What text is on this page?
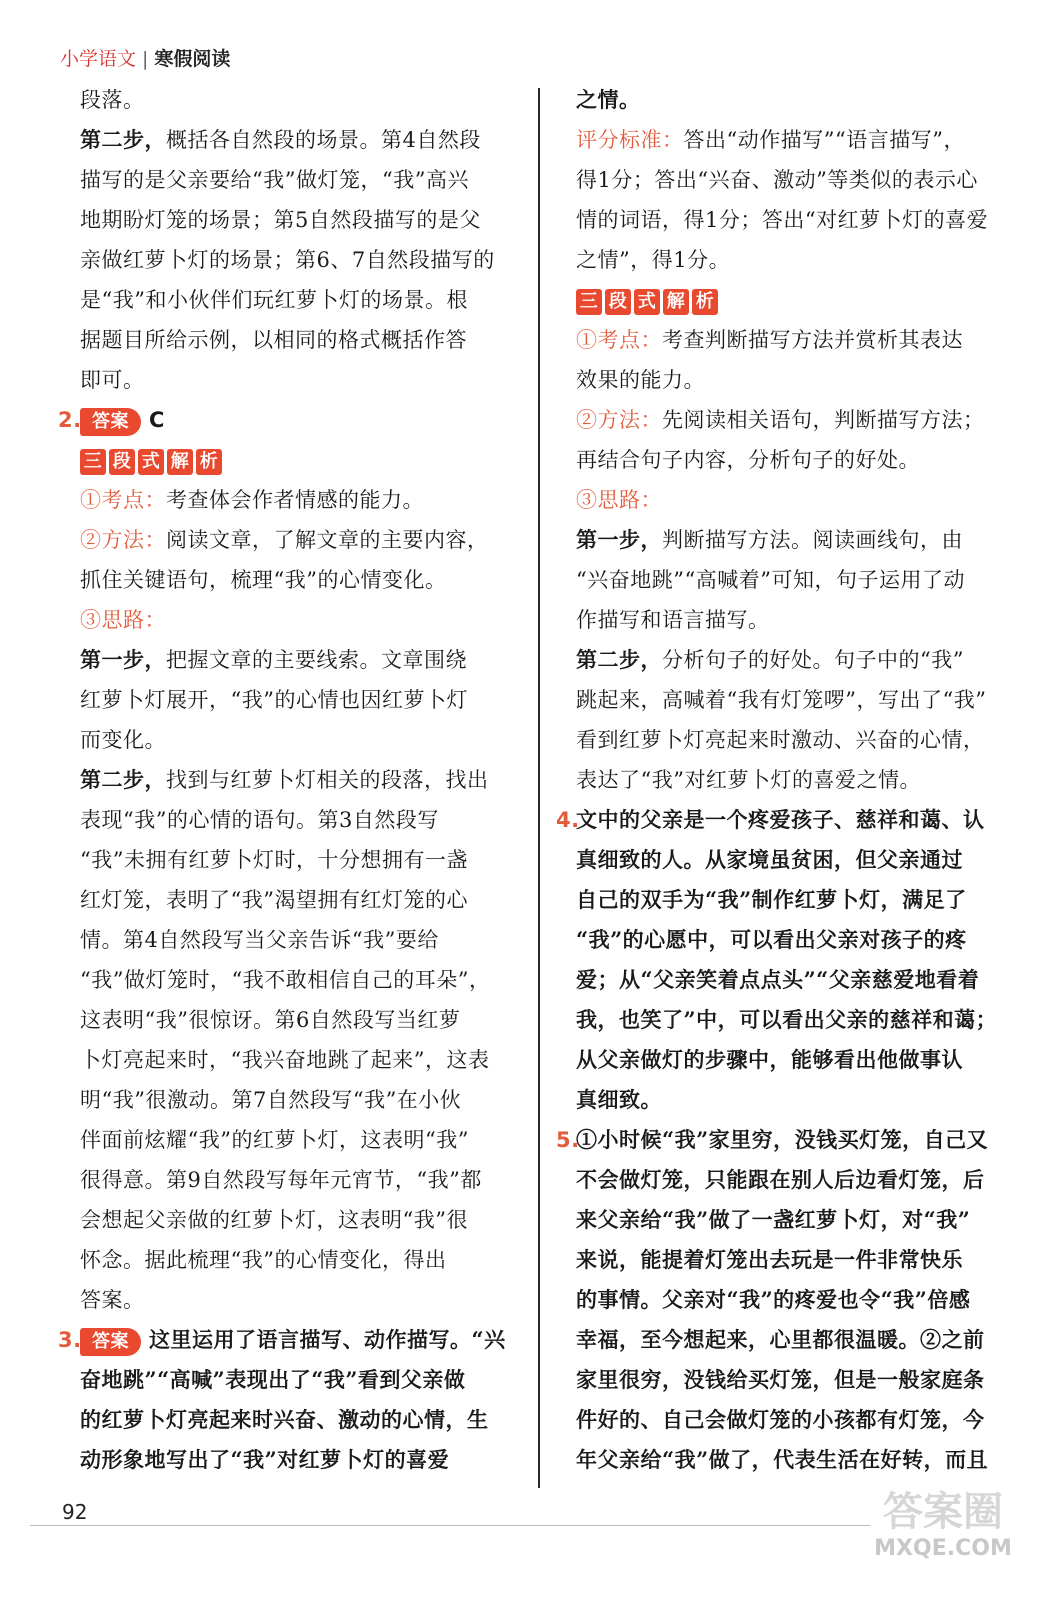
小学语文 | 寒假阅读
段落。
第二步，概括各自然段的场景。第4自然段
描写的是父亲要给“我”做灯笼，“我”高兴
地期盼灯笼的场景；第5自然段描写的是父
亲做红萝卜灯的场景；第6、7自然段描写的
是“我”和小伙伴们玩红萝卜灯的场景。根
据题目所给示例，以相同的格式概括作答
即可。
2. 答案 C
三 段 式 解 析
①考点：考查体会作者情感的能力。
②方法：阅读文章，了解文章的主要内容，
抓住关键语句，梳理“我”的心情变化。
③思路：
第一步，把握文章的主要线索。文章围绕
红萝卜灯展开，“我”的心情也因红萝卜灯
而变化。
第二步，找到与红萝卜灯相关的段落，找出
表现“我”的心情的语句。第3自然段写
“我”未拥有红萝卜灯时，十分想拥有一盏
红灯笼，表明了“我”渴望拥有红灯笼的心
情。第4自然段写当父亲告诉“我”要给
“我”做灯笼时，“我不敢相信自己的耳朵”，
这表明“我”很惊讶。第6自然段写当红萝
卜灯亮起来时，“我兴奋地跳了起来”，这表
明“我”很激动。第7自然段写“我”在小伙
伴面前炫耀“我”的红萝卜灯，这表明“我”
很得意。第9自然段写每年元宵节，“我”都
会想起父亲做的红萝卜灯，这表明“我”很
怀念。据此梳理“我”的心情变化，得出
答案。
3. 答案 这里运用了语言描写、动作描写。“兴
奋地跳”“高喊”表现出了“我”看到父亲做
的红萝卜灯亮起来时兴奋、激动的心情，生
动形象地写出了“我”对红萝卜灯的喜爱
之情。
评分标准：答出“动作描写”“语言描写”，
得1分；答出“兴奋、激动”等类似的表示心
情的词语，得1分；答出“对红萝卜灯的喜爱
之情”，得1分。
三 段 式 解 析
①考点：考查判断描写方法并赏析其表达
效果的能力。
②方法：先阅读相关语句，判断描写方法；
再结合句子内容，分析句子的好处。
③思路：
第一步，判断描写方法。阅读画线句，由
“兴奋地跳”“高喊着”可知，句子运用了动
作描写和语言描写。
第二步，分析句子的好处。句子中的“我”
跳起来，高喊着“我有灯笼啰”，写出了“我”
看到红萝卜灯亮起来时激动、兴奋的心情，
表达了“我”对红萝卜灯的喜爱之情。
4.
文中的父亲是一个疼爱孩子、慈祥和蔼、认
真细致的人。从家境虽贫困，但父亲通过
自己的双手为“我”制作红萝卜灯，满足了
“我”的心愿中，可以看出父亲对孩子的疼
爱；从“父亲笑着点点头”“父亲慈爱地看着
我，也笑了”中，可以看出父亲的慈祥和蔼；
从父亲做灯的步骤中，能够看出他做事认
真细致。
5.
①小时候“我”家里穷，没钱买灯笼，自己又
不会做灯笼，只能跟在别人后边看灯笼，后
来父亲给“我”做了一盏红萝卜灯，对“我”
来说，能提着灯笼出去玩是一件非常快乐
的事情。父亲对“我”的疼爱也令“我”倍感
幸福，至今想起来，心里都很温暖。②之前
家里很穷，没钱给买灯笼，但是一般家庭条
件好的、自己会做灯笼的小孩都有灯笼，今
年父亲给“我”做了，代表生活在好转，而且
92	答案圈
MXQE.COM
